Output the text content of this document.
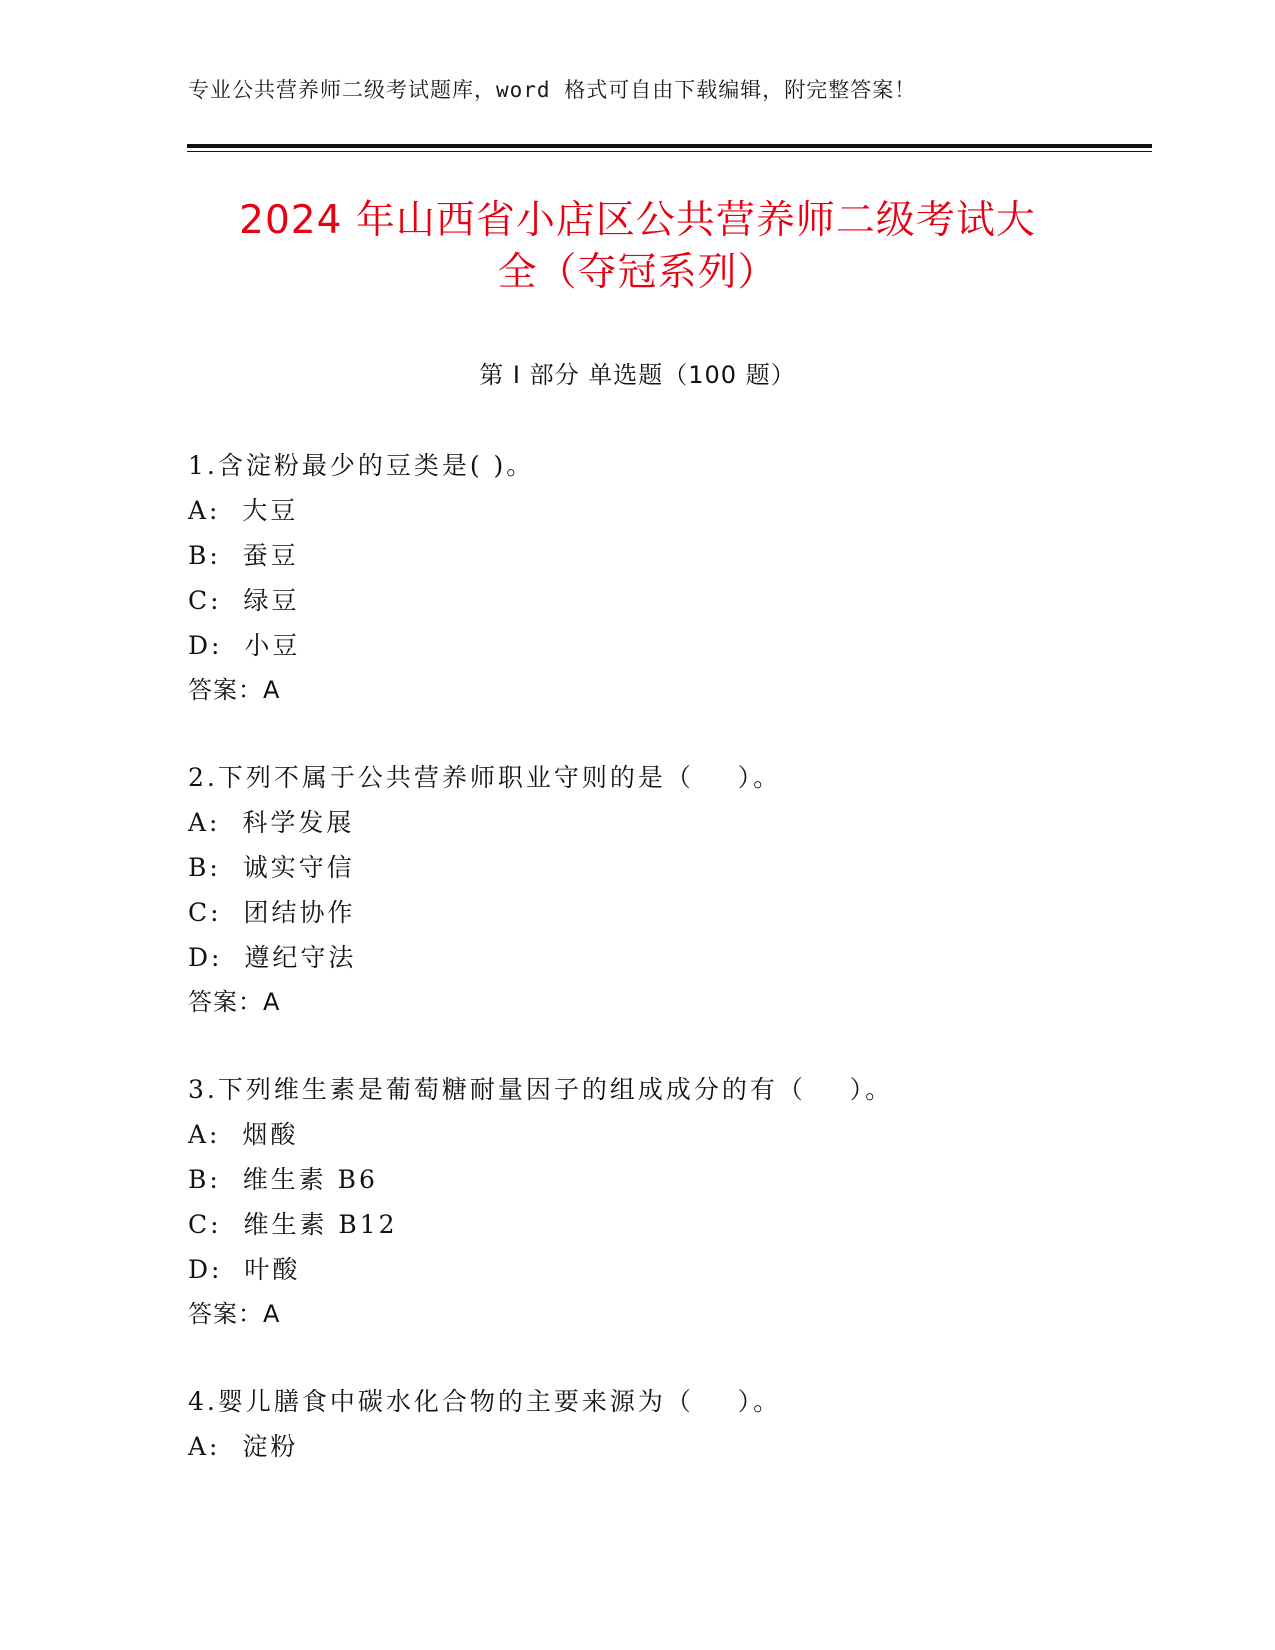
专业公共营养师二级考试题库，word 格式可自由下载编辑，附完整答案！
2024 年山西省小店区公共营养师二级考试大
全（夺冠系列）
第 I 部分 单选题（100 题）
1.含淀粉最少的豆类是( )。
A:  大豆
B:  蚕豆
C:  绿豆
D:  小豆
答案：A
2.下列不属于公共营养师职业守则的是（    ）。
A:  科学发展
B:  诚实守信
C:  团结协作
D:  遵纪守法
答案：A
3.下列维生素是葡萄糖耐量因子的组成成分的有（    ）。
A:  烟酸
B:  维生素 B6
C:  维生素 B12
D:  叶酸
答案：A
4.婴儿膳食中碳水化合物的主要来源为（    ）。
A:  淀粉
